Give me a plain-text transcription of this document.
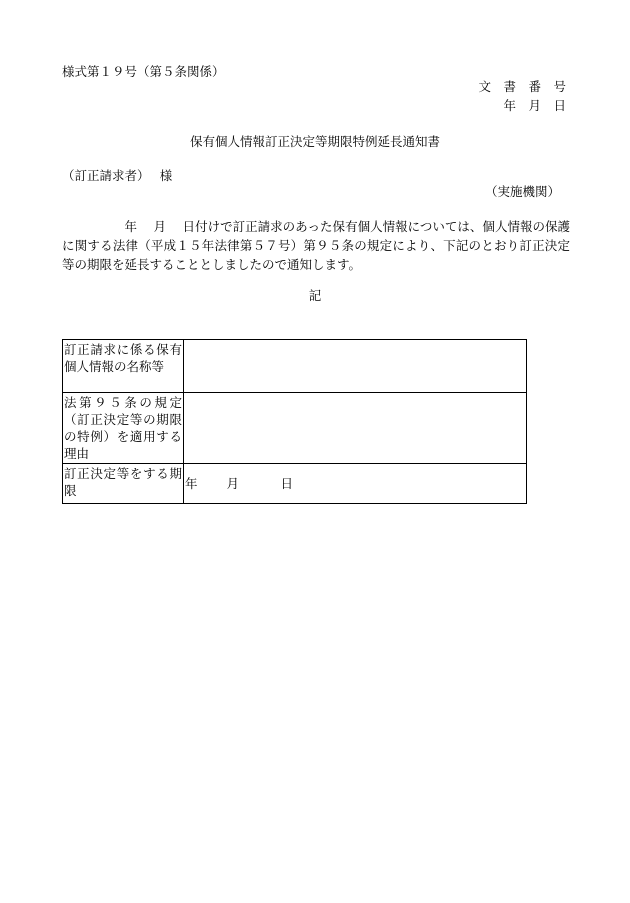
様式第１９号（第５条関係）
文　書　番　号
年　月　日
保有個人情報訂正決定等期限特例延長通知書
（訂正請求者）　 様
（実施機関）
　　　　　年　 月　 日付けで訂正請求のあった保有個人情報については、個人情報の保護に関する法律（平成１５年法律第５７号）第９５条の規定により、下記のとおり訂正決定等の期限を延長することとしましたので通知します。
記
訂正請求に係る保有個人情報の名称等	
法第９５条の規定（訂正決定等の期限の特例）を適用する理由	
訂正決定等をする期限	年　　 月　　　 日
